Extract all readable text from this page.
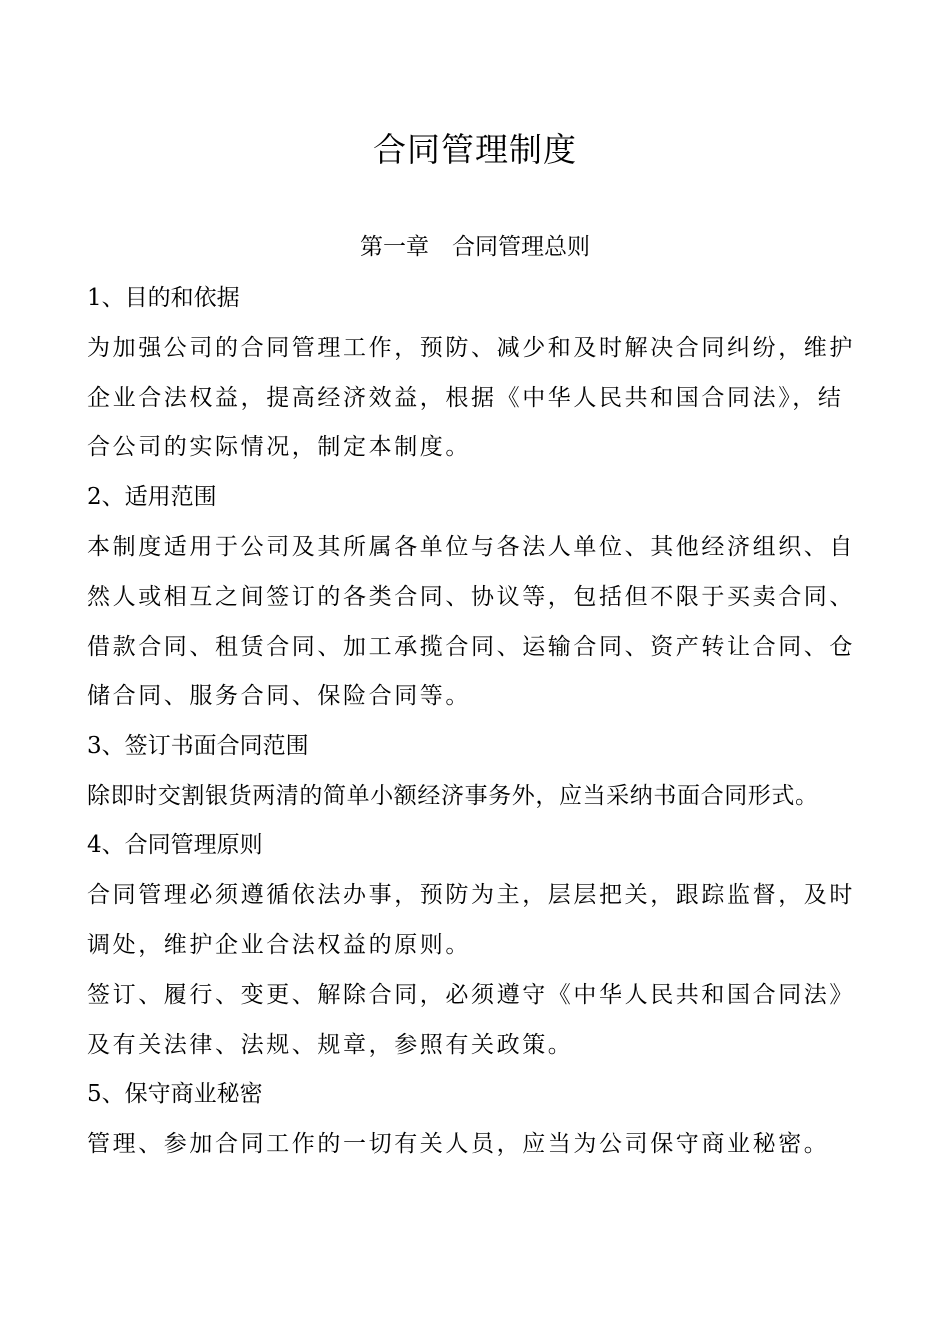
合同管理制度
第一章　合同管理总则
1、目的和依据
为加强公司的合同管理工作，预防、减少和及时解决合同纠纷，维护
企业合法权益，提高经济效益，根据《中华人民共和国合同法》，结
合公司的实际情况，制定本制度。
2、适用范围
本制度适用于公司及其所属各单位与各法人单位、其他经济组织、自
然人或相互之间签订的各类合同、协议等，包括但不限于买卖合同、
借款合同、租赁合同、加工承揽合同、运输合同、资产转让合同、仓
储合同、服务合同、保险合同等。
3、签订书面合同范围
除即时交割银货两清的简单小额经济事务外，应当采纳书面合同形式。
4、合同管理原则
合同管理必须遵循依法办事，预防为主，层层把关，跟踪监督，及时
调处，维护企业合法权益的原则。
签订、履行、变更、解除合同，必须遵守《中华人民共和国合同法》
及有关法律、法规、规章，参照有关政策。
5、保守商业秘密
管理、参加合同工作的一切有关人员，应当为公司保守商业秘密。
